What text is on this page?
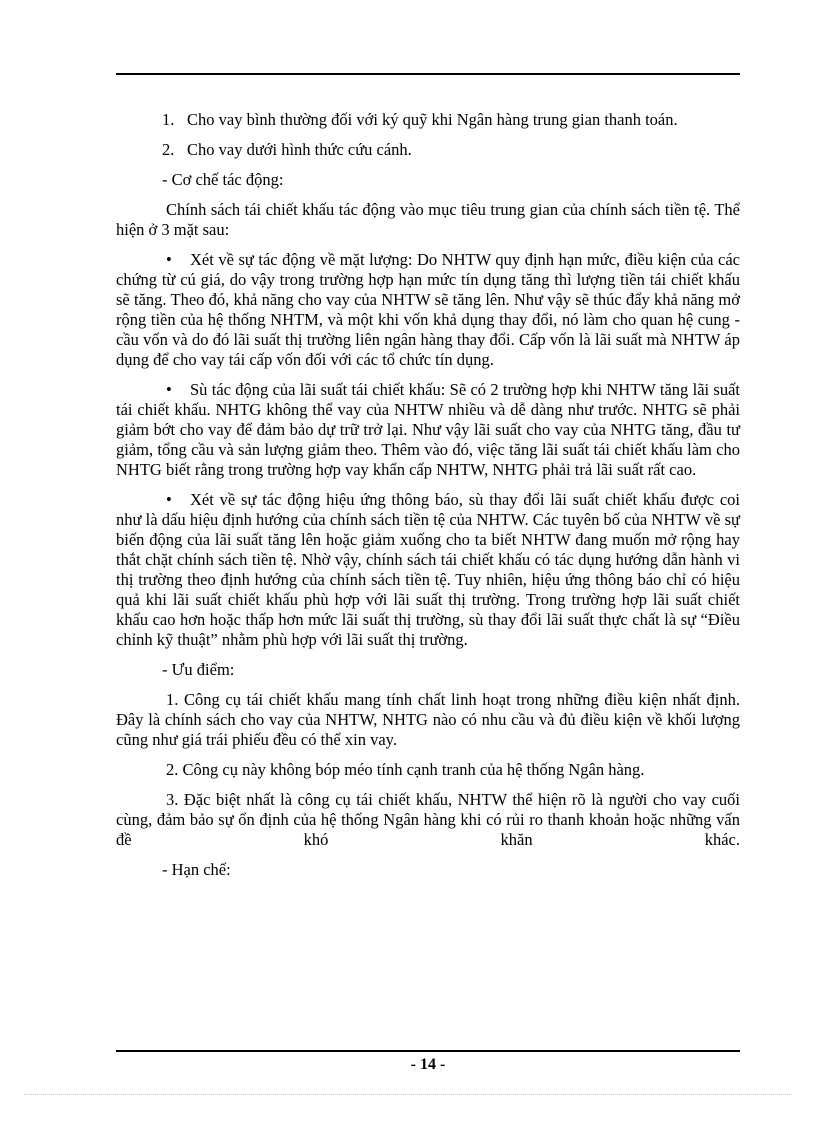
1. Cho vay bình thường đối với ký quỹ khi Ngân hàng trung gian thanh toán.
2. Cho vay dưới hình thức cứu cánh.

- Cơ chế tác động:

Chính sách tái chiết khấu tác động vào mục tiêu trung gian của chính sách tiền tệ. Thể hiện ở 3 mặt sau:

• Xét về sự tác động về mặt lượng: Do NHTW quy định hạn mức, điều kiện của các chứng từ cú giá, do vậy trong trường hợp hạn mức tín dụng tăng thì lượng tiền tái chiết khấu sẽ tăng. Theo đó, khả năng cho vay của NHTW sẽ tăng lên. Như vậy sẽ thúc đẩy khả năng mở rộng tiền của hệ thống NHTM, và một khi vốn khả dụng thay đổi, nó làm cho quan hệ cung - cầu vốn và do đó lãi suất thị trường liên ngân hàng thay đổi. Cấp vốn là lãi suất mà NHTW áp dụng để cho vay tái cấp vốn đối với các tổ chức tín dụng.

• Sù tác động của lãi suất tái chiết khấu: Sẽ có 2 trường hợp khi NHTW tăng lãi suất tái chiết khấu. NHTG không thể vay của NHTW nhiều và dễ dàng như trước. NHTG sẽ phải giảm bớt cho vay để đảm bảo dự trữ trở lại. Như vậy lãi suất cho vay của NHTG tăng, đầu tư giảm, tổng cầu và sản lượng giảm theo. Thêm vào đó, việc tăng lãi suất tái chiết khấu làm cho NHTG biết rằng trong trường hợp vay khẩn cấp NHTW, NHTG phải trả lãi suất rất cao.

• Xét về sự tác động hiệu ứng thông báo, sù thay đổi lãi suất chiết khấu được coi như là dấu hiệu định hướng của chính sách tiền tệ của NHTW. Các tuyên bố của NHTW về sự biến động của lãi suất tăng lên hoặc giảm xuống cho ta biết NHTW đang muốn mở rộng hay thắt chặt chính sách tiền tệ. Nhờ vậy, chính sách tái chiết khấu có tác dụng hướng dẫn hành vi thị trường theo định hướng của chính sách tiền tệ. Tuy nhiên, hiệu ứng thông báo chỉ có hiệu quả khi lãi suất chiết khấu phù hợp với lãi suất thị trường. Trong trường hợp lãi suất chiết khấu cao hơn hoặc thấp hơn mức lãi suất thị trường, sù thay đổi lãi suất thực chất là sự “Điều chỉnh kỹ thuật” nhằm phù hợp với lãi suất thị trường.

- Ưu điểm:

1. Công cụ tái chiết khấu mang tính chất linh hoạt trong những điều kiện nhất định. Đây là chính sách cho vay của NHTW, NHTG nào có nhu cầu và đủ điều kiện về khối lượng cũng như giá trái phiếu đều có thể xin vay.

2. Công cụ này không bóp méo tính cạnh tranh của hệ thống Ngân hàng.

3. Đặc biệt nhất là công cụ tái chiết khấu, NHTW thể hiện rõ là người cho vay cuối cùng, đảm bảo sự ổn định của hệ thống Ngân hàng khi có rủi ro thanh khoản hoặc những vấn đề khó khăn khác.

- Hạn chế:

- 14 -
